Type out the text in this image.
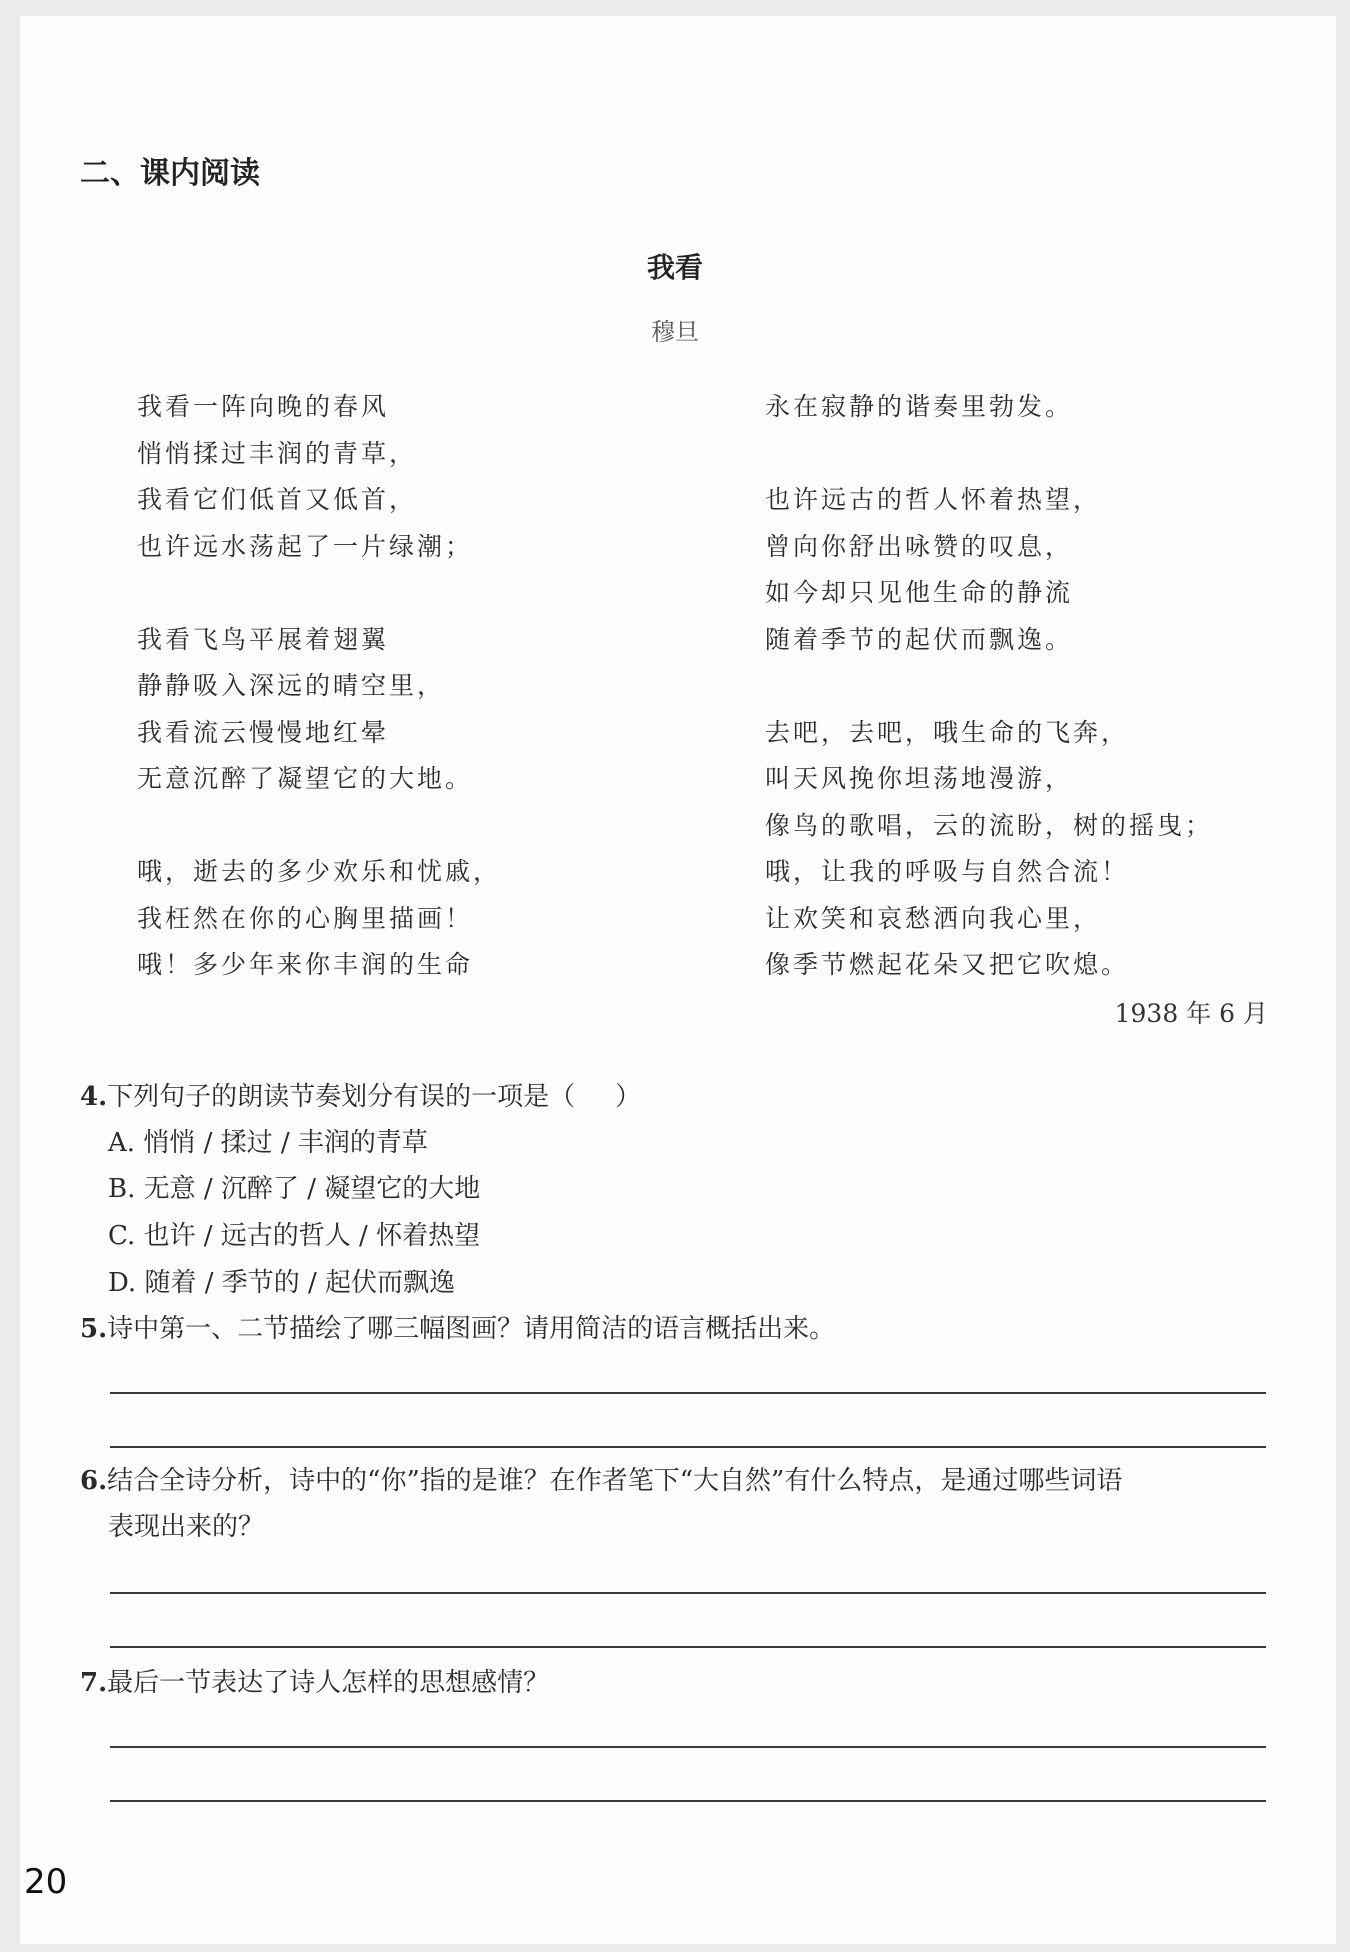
二、课内阅读
我看
穆旦
我看一阵向晚的春风
悄悄揉过丰润的青草，
我看它们低首又低首，
也许远水荡起了一片绿潮；
我看飞鸟平展着翅翼
静静吸入深远的晴空里，
我看流云慢慢地红晕
无意沉醉了凝望它的大地。
哦，逝去的多少欢乐和忧戚，
我枉然在你的心胸里描画！
哦！多少年来你丰润的生命
永在寂静的谐奏里勃发。
也许远古的哲人怀着热望，
曾向你舒出咏赞的叹息，
如今却只见他生命的静流
随着季节的起伏而飘逸。
去吧，去吧，哦生命的飞奔，
叫天风挽你坦荡地漫游，
像鸟的歌唱，云的流盼，树的摇曳；
哦，让我的呼吸与自然合流！
让欢笑和哀愁洒向我心里，
像季节燃起花朵又把它吹熄。
1938 年 6 月
4.下列句子的朗读节奏划分有误的一项是（ ）
A. 悄悄 / 揉过 / 丰润的青草
B. 无意 / 沉醉了 / 凝望它的大地
C. 也许 / 远古的哲人 / 怀着热望
D. 随着 / 季节的 / 起伏而飘逸
5.诗中第一、二节描绘了哪三幅图画？请用简洁的语言概括出来。
6.结合全诗分析，诗中的“你”指的是谁？在作者笔下“大自然”有什么特点，是通过哪些词语
表现出来的？
7.最后一节表达了诗人怎样的思想感情？
20
